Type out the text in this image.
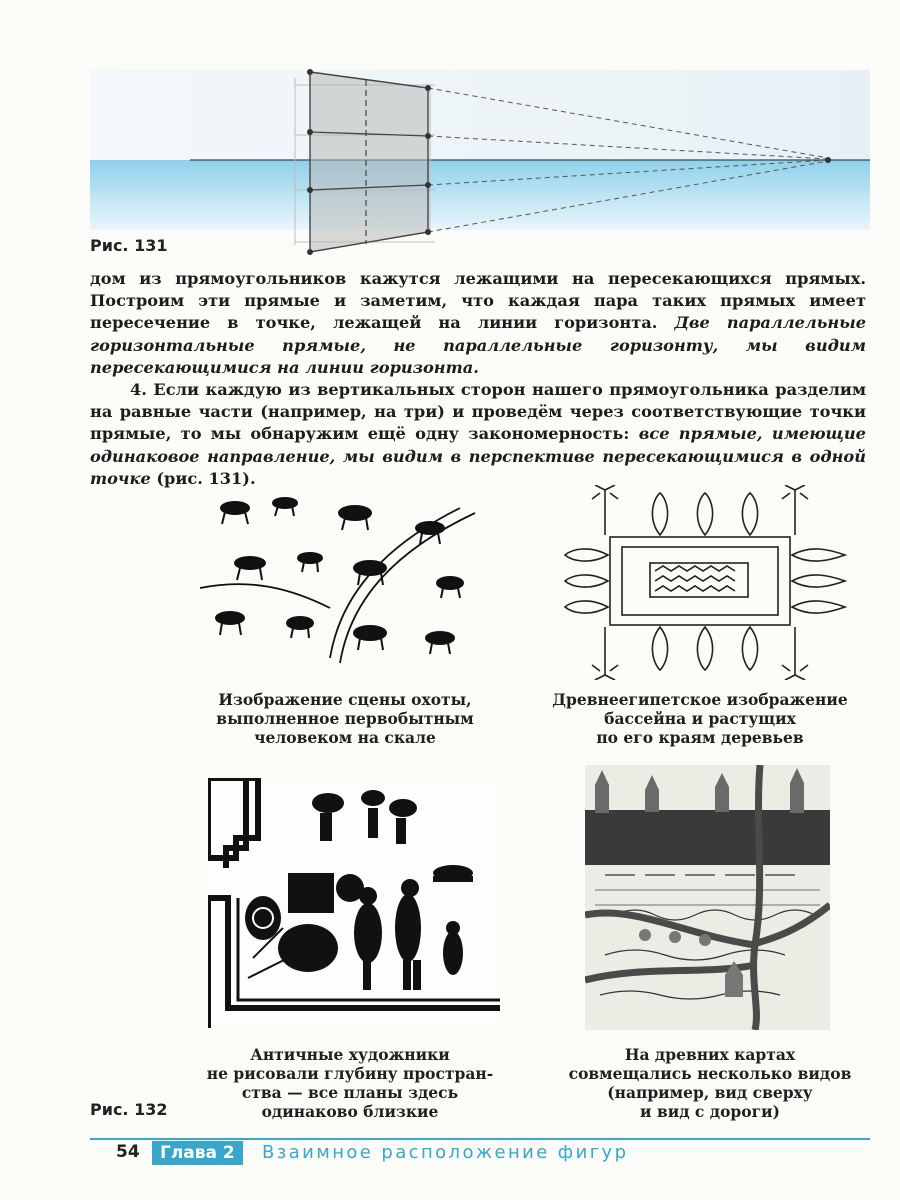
Рис. 131

дом из прямоугольников кажутся лежащими на пересекающихся прямых. Построим эти прямые и заметим, что каждая пара таких прямых имеет пересечение в точке, лежащей на линии горизонта. Две параллельные горизонтальные прямые, не параллельные горизонту, мы видим пересекающимися на линии горизонта.

4. Если каждую из вертикальных сторон нашего прямоугольника разделим на равные части (например, на три) и проведём через соответствующие точки прямые, то мы обнаружим ещё одну закономерность: все прямые, имеющие одинаковое направление, мы видим в перспективе пересекающимися в одной точке (рис. 131).

Изображение сцены охоты,
выполненное первобытным
человеком на скале
Древнеегипетское изображение
бассейна и растущих
по его краям деревьев
Античные художники
не рисовали глубину простран-
ства — все планы здесь
одинаково близкие
На древних картах
совмещались несколько видов
(например, вид сверху
и вид с дороги)
Рис. 132
54	Глава 2	Взаимное расположение фигур
